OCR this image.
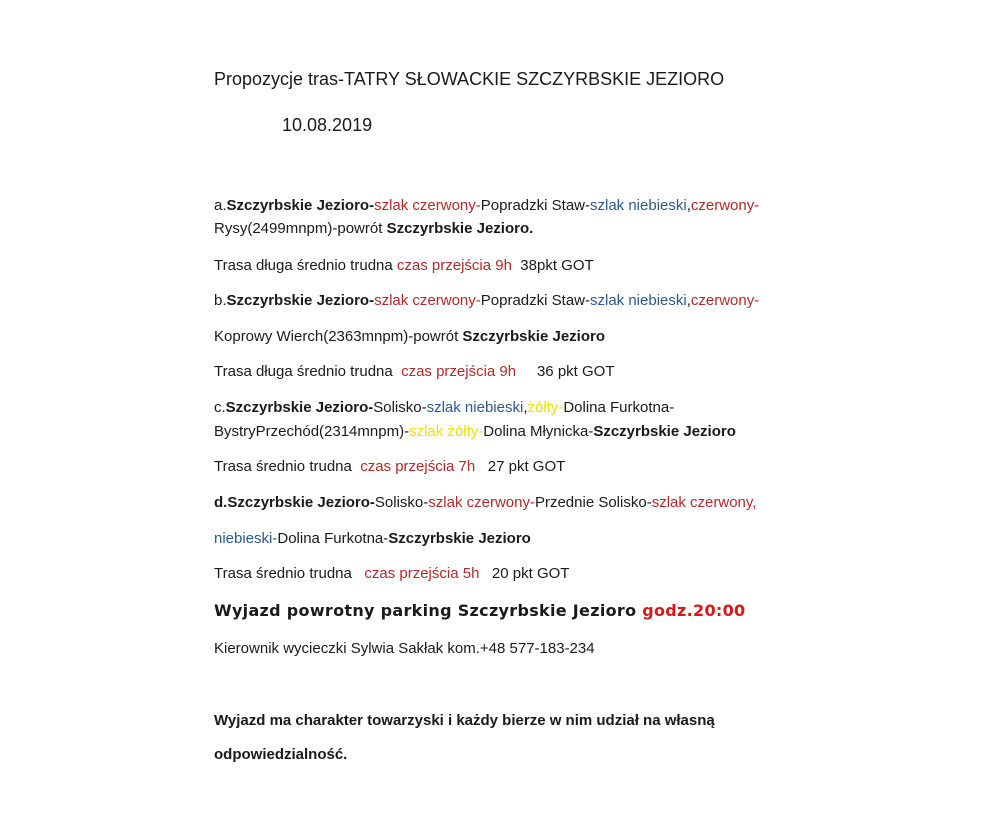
Propozycje tras-TATRY SŁOWACKIE SZCZYRBSKIE JEZIORO
10.08.2019
a.Szczyrbskie Jezioro-szlak czerwony-Popradzki Staw-szlak niebieski,czerwony-
Rysy(2499mnpm)-powrót Szczyrbskie Jezioro.
Trasa długa średnio trudna czas przejścia 9h  38pkt GOT
b.Szczyrbskie Jezioro-szlak czerwony-Popradzki Staw-szlak niebieski,czerwony-
Koprowy Wierch(2363mnpm)-powrót Szczyrbskie Jezioro
Trasa długa średnio trudna  czas przejścia 9h     36 pkt GOT
c.Szczyrbskie Jezioro-Solisko-szlak niebieski,żółty-Dolina Furkotna-
BystryPrzechód(2314mnpm)-szlak żółty-Dolina Młynicka-Szczyrbskie Jezioro
Trasa średnio trudna  czas przejścia 7h   27 pkt GOT
d.Szczyrbskie Jezioro-Solisko-szlak czerwony-Przednie Solisko-szlak czerwony,
niebieski-Dolina Furkotna-Szczyrbskie Jezioro
Trasa średnio trudna   czas przejścia 5h   20 pkt GOT
Wyjazd powrotny parking Szczyrbskie Jezioro godz.20:00
Kierownik wycieczki Sylwia Sakłak kom.+48 577-183-234
Wyjazd ma charakter towarzyski i każdy bierze w nim udział na własną
odpowiedzialność.
